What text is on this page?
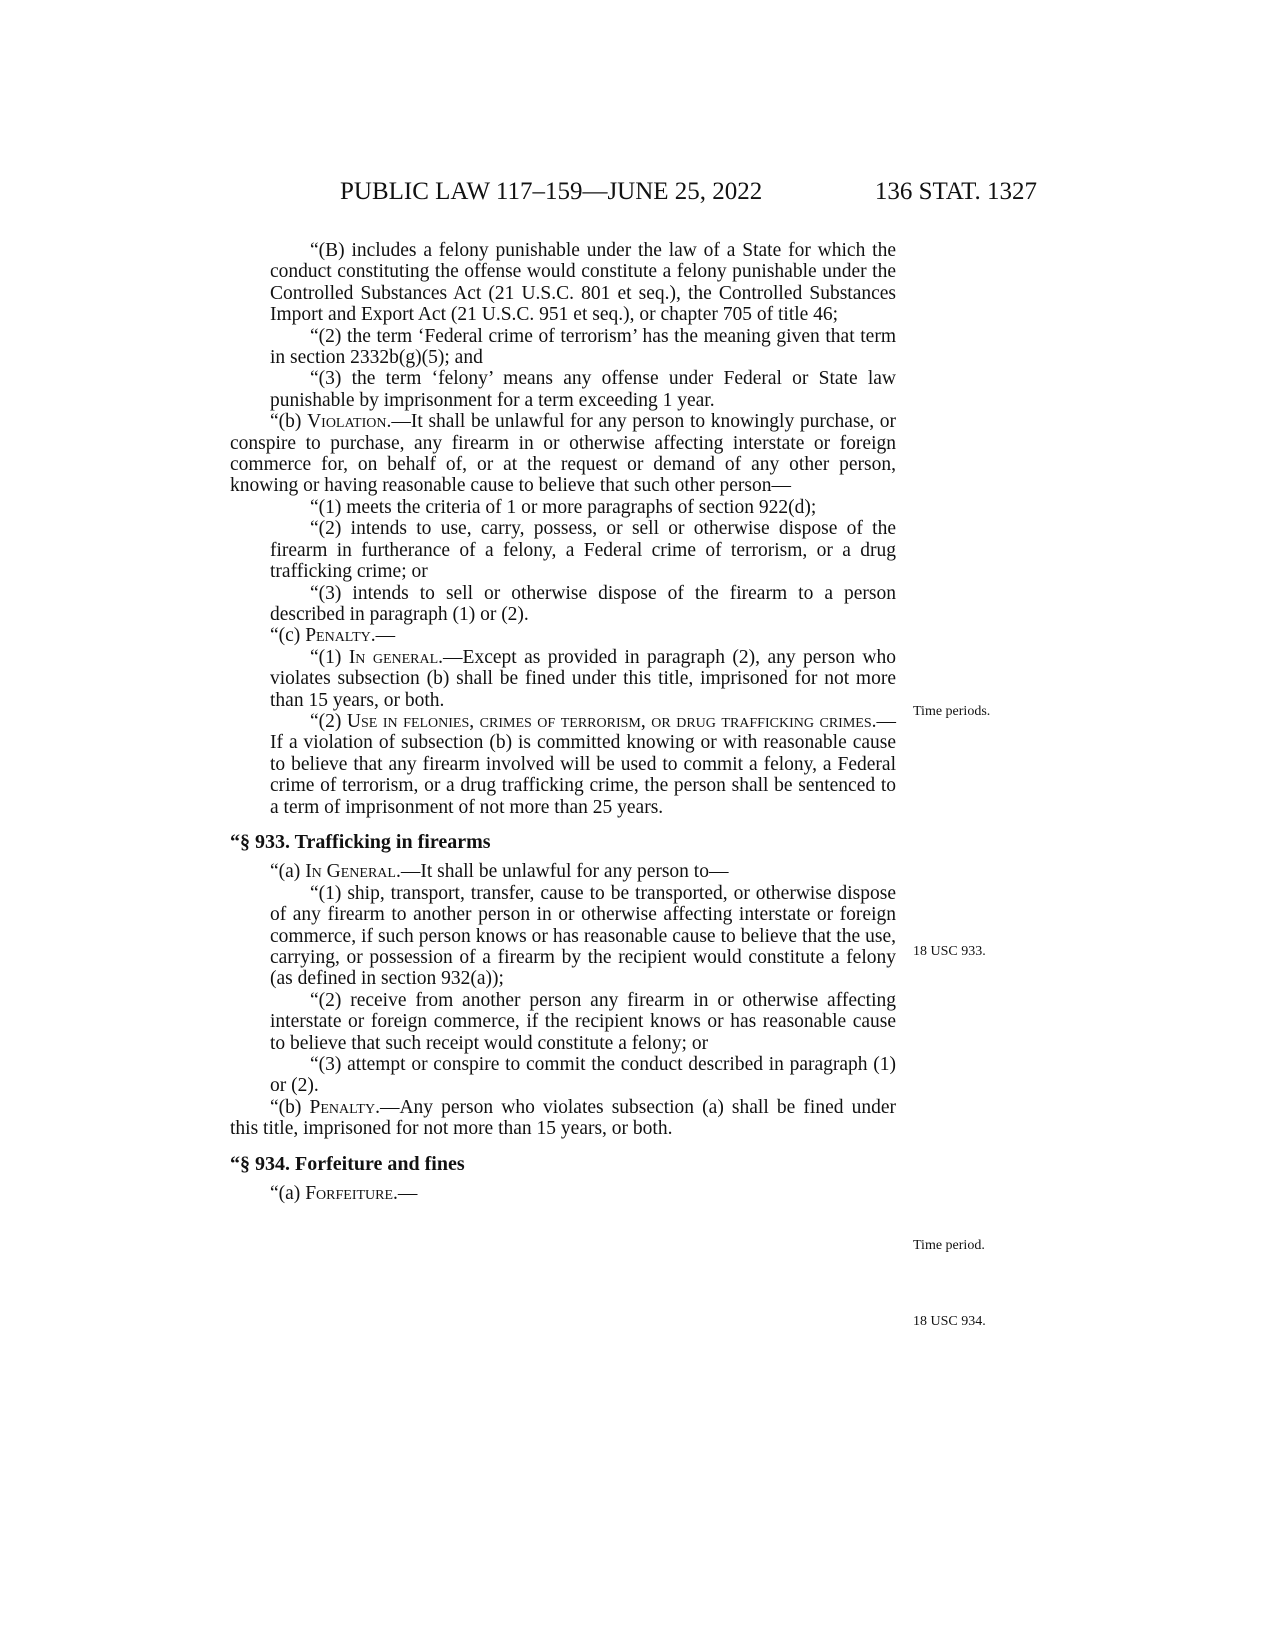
PUBLIC LAW 117–159—JUNE 25, 2022	136 STAT. 1327

“(B) includes a felony punishable under the law of a State for which the conduct constituting the offense would constitute a felony punishable under the Controlled Substances Act (21 U.S.C. 801 et seq.), the Controlled Substances Import and Export Act (21 U.S.C. 951 et seq.), or chapter 705 of title 46;

“(2) the term ‘Federal crime of terrorism’ has the meaning given that term in section 2332b(g)(5); and

“(3) the term ‘felony’ means any offense under Federal or State law punishable by imprisonment for a term exceeding 1 year.

“(b) Violation.—It shall be unlawful for any person to knowingly purchase, or conspire to purchase, any firearm in or otherwise affecting interstate or foreign commerce for, on behalf of, or at the request or demand of any other person, knowing or having reasonable cause to believe that such other person—

“(1) meets the criteria of 1 or more paragraphs of section 922(d);

“(2) intends to use, carry, possess, or sell or otherwise dispose of the firearm in furtherance of a felony, a Federal crime of terrorism, or a drug trafficking crime; or

“(3) intends to sell or otherwise dispose of the firearm to a person described in paragraph (1) or (2).

“(c) Penalty.—

“(1) In general.—Except as provided in paragraph (2), any person who violates subsection (b) shall be fined under this title, imprisoned for not more than 15 years, or both.

“(2) Use in felonies, crimes of terrorism, or drug trafficking crimes.—If a violation of subsection (b) is committed knowing or with reasonable cause to believe that any firearm involved will be used to commit a felony, a Federal crime of terrorism, or a drug trafficking crime, the person shall be sentenced to a term of imprisonment of not more than 25 years.

“§ 933. Trafficking in firearms

“(a) In General.—It shall be unlawful for any person to—

“(1) ship, transport, transfer, cause to be transported, or otherwise dispose of any firearm to another person in or otherwise affecting interstate or foreign commerce, if such person knows or has reasonable cause to believe that the use, carrying, or possession of a firearm by the recipient would constitute a felony (as defined in section 932(a));

“(2) receive from another person any firearm in or otherwise affecting interstate or foreign commerce, if the recipient knows or has reasonable cause to believe that such receipt would constitute a felony; or

“(3) attempt or conspire to commit the conduct described in paragraph (1) or (2).

“(b) Penalty.—Any person who violates subsection (a) shall be fined under this title, imprisoned for not more than 15 years, or both.

“§ 934. Forfeiture and fines

“(a) Forfeiture.—

Time periods.
18 USC 933.
Time period.
18 USC 934.
